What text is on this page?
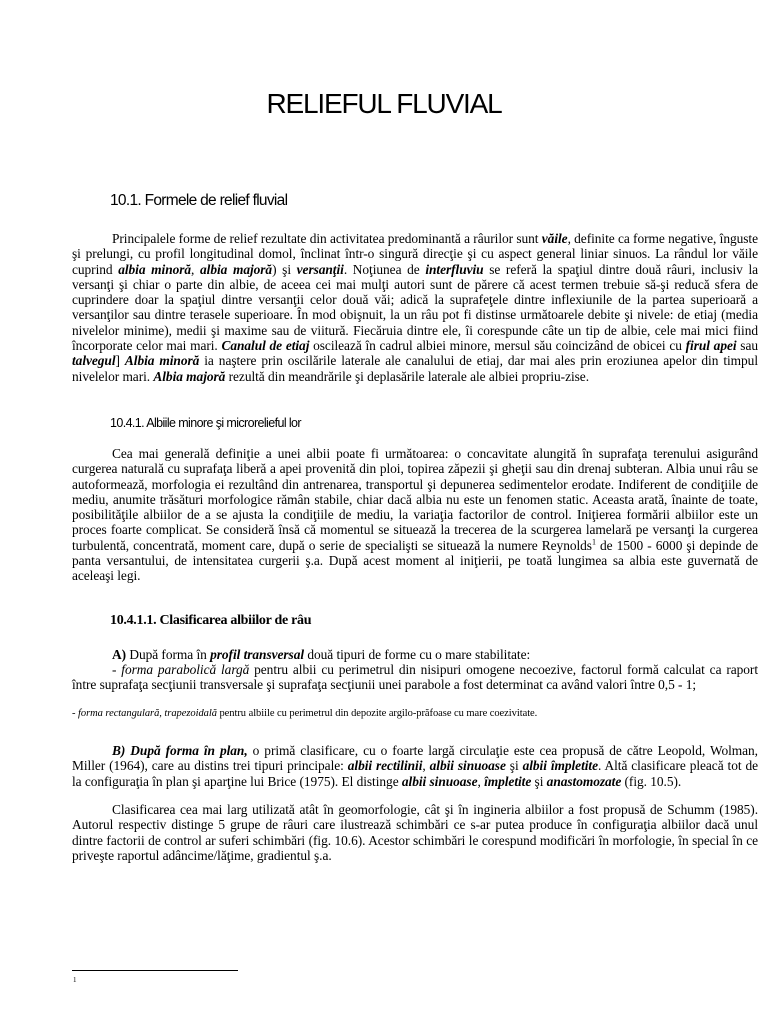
RELIEFUL FLUVIAL
10.1. Formele de relief fluvial

Principalele forme de relief rezultate din activitatea predominantă a râurilor sunt văile, definite ca forme negative, înguste şi prelungi, cu profil longitudinal domol, înclinat într-o singură direcţie şi cu aspect general liniar sinuos. La rândul lor văile cuprind albia minoră, albia majoră) şi versanţii. Noţiunea de interfluviu se referă la spaţiul dintre două râuri, inclusiv la versanţi şi chiar o parte din albie, de aceea cei mai mulţi autori sunt de părere că acest termen trebuie să-şi reducă sfera de cuprindere doar la spaţiul dintre versanţii celor două văi; adică la suprafeţele dintre inflexiunile de la partea superioară a versanţilor sau dintre terasele superioare. În mod obişnuit, la un râu pot fi distinse următoarele debite şi nivele: de etiaj (media nivelelor minime), medii şi maxime sau de viitură. Fiecăruia dintre ele, îi corespunde câte un tip de albie, cele mai mici fiind încorporate celor mai mari. Canalul de etiaj oscilează în cadrul albiei minore, mersul său coincizând de obicei cu firul apei sau talvegul] Albia minoră ia naştere prin oscilările laterale ale canalului de etiaj, dar mai ales prin eroziunea apelor din timpul nivelelor mari. Albia majoră rezultă din meandrările şi deplasările laterale ale albiei propriu-zise.

10.4.1. Albiile minore şi microrelieful lor

Cea mai generală definiţie a unei albii poate fi următoarea: o concavitate alungită în suprafaţa terenului asigurând curgerea naturală cu suprafaţa liberă a apei provenită din ploi, topirea zăpezii şi gheţii sau din drenaj subteran. Albia unui râu se autoformează, morfologia ei rezultând din antrenarea, transportul şi depunerea sedimentelor erodate. Indiferent de condiţiile de mediu, anumite trăsături morfologice rămân stabile, chiar dacă albia nu este un fenomen static. Aceasta arată, înainte de toate, posibilităţile albiilor de a se ajusta la condiţiile de mediu, la variaţia factorilor de control. Iniţierea formării albiilor este un proces foarte complicat. Se consideră însă că momentul se situează la trecerea de la scurgerea lamelară pe versanţi la curgerea turbulentă, concentrată, moment care, după o serie de specialişti se situează la numere Reynolds$^1$ de 1500 - 6000 şi depinde de panta versantului, de intensitatea curgerii ş.a. După acest moment al iniţierii, pe toată lungimea sa albia este guvernată de aceleaşi legi.

10.4.1.1. Clasificarea albiilor de râu

A) După forma în profil transversal două tipuri de forme cu o mare stabilitate:

- forma parabolică largă pentru albii cu perimetrul din nisipuri omogene necoezive, factorul formă calculat ca raport între suprafaţa secţiunii transversale şi suprafaţa secţiunii unei parabole a fost determinat ca având valori între 0,5 - 1;

- forma rectangulară, trapezoidală pentru albiile cu perimetrul din depozite argilo-prăfoase cu mare coezivitate.

B) După forma în plan, o primă clasificare, cu o foarte largă circulaţie este cea propusă de către Leopold, Wolman, Miller (1964), care au distins trei tipuri principale: albii rectilinii, albii sinuoase şi albii împletite. Altă clasificare pleacă tot de la configuraţia în plan şi aparţine lui Brice (1975). El distinge albii sinuoase, împletite şi anastomozate (fig. 10.5).

Clasificarea cea mai larg utilizată atât în geomorfologie, cât şi în ingineria albiilor a fost propusă de Schumm (1985). Autorul respectiv distinge 5 grupe de râuri care ilustrează schimbări ce s-ar putea produce în configuraţia albiilor dacă unul dintre factorii de control ar suferi schimbări (fig. 10.6). Acestor schimbări le corespund modificări în morfologie, în special în ce priveşte raportul adâncime/lăţime, gradientul ş.a.

1
